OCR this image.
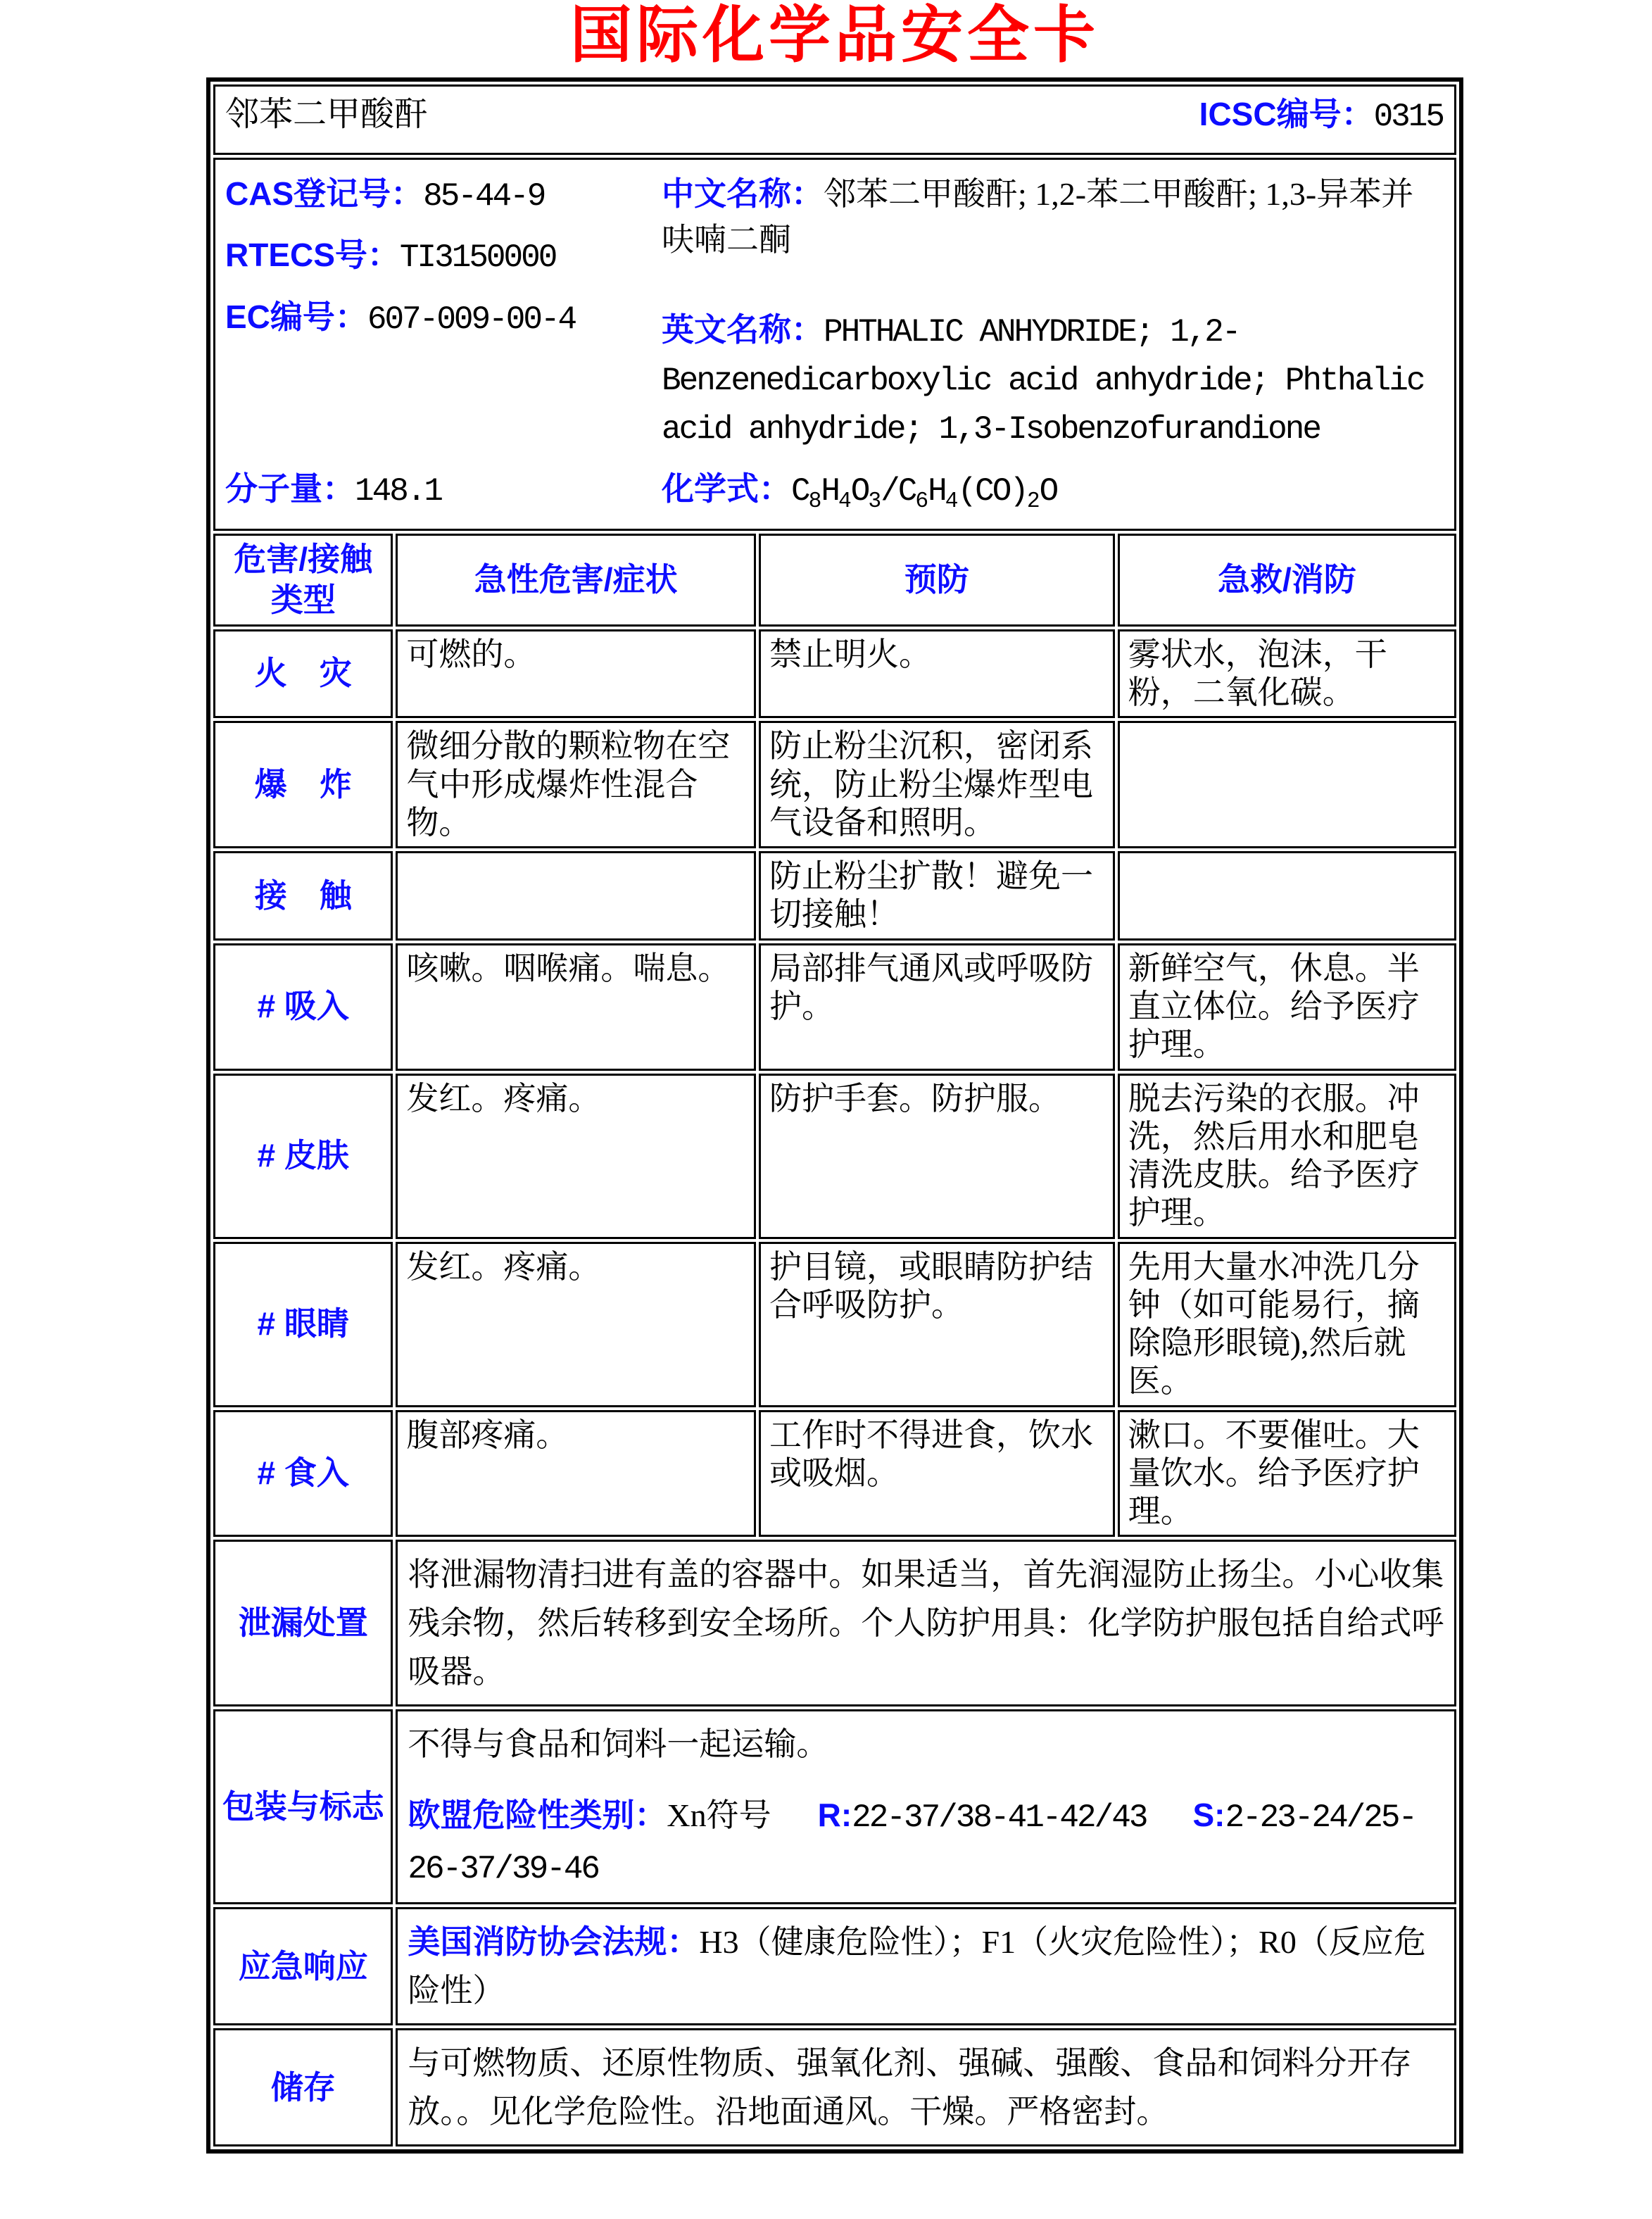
国际化学品安全卡
邻苯二甲酸酐 ICSC编号：0315			

CAS登记号：85-44-9
RTECS号：TI3150000
EC编号：607-009-00-4
分子量：148.1
中文名称：邻苯二甲酸酐; 1,2-苯二甲酸酐; 1,3-异苯并呋喃二酮
英文名称：PHTHALIC ANHYDRIDE; 1,2-Benzenedicarboxylic acid anhydride; Phthalic acid anhydride; 1,3-Isobenzofurandione
化学式：$C_8H_4O_3/C_6H_4(CO)_2O$

危害/接触
类型	急性危害/症状	预防	急救/消防
火　灾	可燃的。	禁止明火。	雾状水，泡沫，干粉，二氧化碳。
爆　炸	微细分散的颗粒物在空气中形成爆炸性混合物。	防止粉尘沉积，密闭系统，防止粉尘爆炸型电气设备和照明。	
接　触		防止粉尘扩散！避免一切接触！	
# 吸入	咳嗽。咽喉痛。喘息。	局部排气通风或呼吸防护。	新鲜空气，休息。半直立体位。给予医疗护理。
# 皮肤	发红。疼痛。	防护手套。防护服。	脱去污染的衣服。冲洗，然后用水和肥皂清洗皮肤。给予医疗护理。
# 眼睛	发红。疼痛。	护目镜，或眼睛防护结合呼吸防护。	先用大量水冲洗几分钟（如可能易行，摘除隐形眼镜),然后就医。
# 食入	腹部疼痛。	工作时不得进食，饮水或吸烟。	漱口。不要催吐。大量饮水。给予医疗护理。
泄漏处置	将泄漏物清扫进有盖的容器中。如果适当，首先润湿防止扬尘。小心收集残余物，然后转移到安全场所。个人防护用具：化学防护服包括自给式呼吸器。		

包装与标志	不得与食品和饲料一起运输。
欧盟危险性类别：Xn符号 R:22-37/38-41-42/43 S:2-23-24/25-26-37/39-46		

应急响应	美国消防协会法规：H3（健康危险性）；F1（火灾危险性）；R0（反应危险性）		

储存	与可燃物质、还原性物质、强氧化剂、强碱、强酸、食品和饲料分开存放。。见化学危险性。沿地面通风。干燥。严格密封。		
